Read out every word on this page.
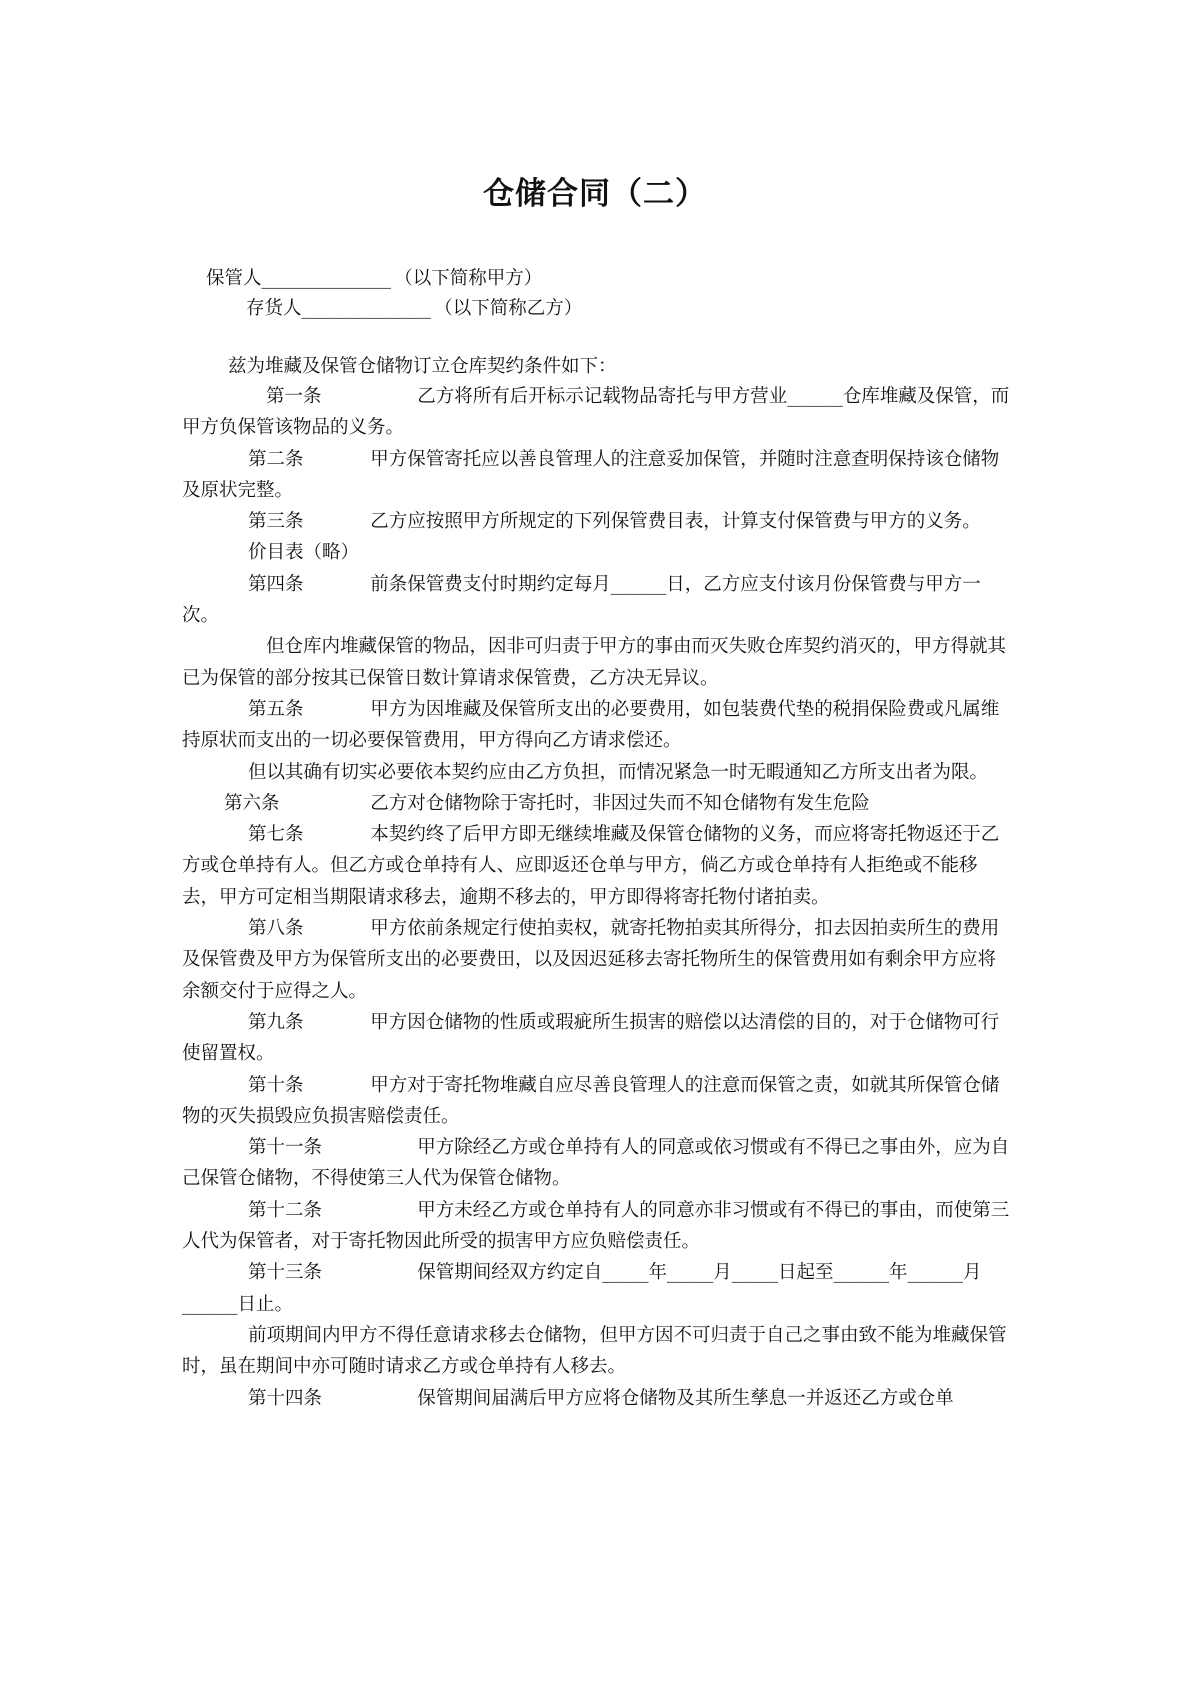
仓储合同（二）
保管人______________	（以下简称甲方）
存货人______________	（以下简称乙方）
兹为堆藏及保管仓储物订立仓库契约条件如下：

第一条		乙方将所有后开标示记载物品寄托与甲方营业______仓库堆藏及保管，而甲方负保管该物品的义务。

第二条		甲方保管寄托应以善良管理人的注意妥加保管，并随时注意查明保持该仓储物及原状完整。

第三条		乙方应按照甲方所规定的下列保管费目表，计算支付保管费与甲方的义务。

价目表（略）

第四条		前条保管费支付时期约定每月______日，乙方应支付该月份保管费与甲方一次。

但仓库内堆藏保管的物品，因非可归责于甲方的事由而灭失败仓库契约消灭的，甲方得就其已为保管的部分按其已保管日数计算请求保管费，乙方决无异议。

第五条		甲方为因堆藏及保管所支出的必要费用，如包装费代垫的税捐保险费或凡属维持原状而支出的一切必要保管费用，甲方得向乙方请求偿还。

但以其确有切实必要依本契约应由乙方负担，而情况紧急一时无暇通知乙方所支出者为限。

第六条		乙方对仓储物除于寄托时，非因过失而不知仓储物有发生危险

第七条		本契约终了后甲方即无继续堆藏及保管仓储物的义务，而应将寄托物返还于乙方或仓单持有人。但乙方或仓单持有人、应即返还仓单与甲方，倘乙方或仓单持有人拒绝或不能移去，甲方可定相当期限请求移去，逾期不移去的，甲方即得将寄托物付诸拍卖。

第八条		甲方依前条规定行使拍卖权，就寄托物拍卖其所得分，扣去因拍卖所生的费用及保管费及甲方为保管所支出的必要费田，以及因迟延移去寄托物所生的保管费用如有剩余甲方应将余额交付于应得之人。

第九条		甲方因仓储物的性质或瑕疵所生损害的赔偿以达清偿的目的，对于仓储物可行使留置权。

第十条		甲方对于寄托物堆藏自应尽善良管理人的注意而保管之责，如就其所保管仓储物的灭失损毁应负损害赔偿责任。

第十一条		甲方除经乙方或仓单持有人的同意或依习惯或有不得已之事由外，应为自己保管仓储物，不得使第三人代为保管仓储物。

第十二条		甲方未经乙方或仓单持有人的同意亦非习惯或有不得已的事由，而使第三人代为保管者，对于寄托物因此所受的损害甲方应负赔偿责任。

第十三条		保管期间经双方约定自_____年_____月_____日起至______年______月______日止。

前项期间内甲方不得任意请求移去仓储物，但甲方因不可归责于自己之事由致不能为堆藏保管时，虽在期间中亦可随时请求乙方或仓单持有人移去。

第十四条		保管期间届满后甲方应将仓储物及其所生孳息一并返还乙方或仓单
